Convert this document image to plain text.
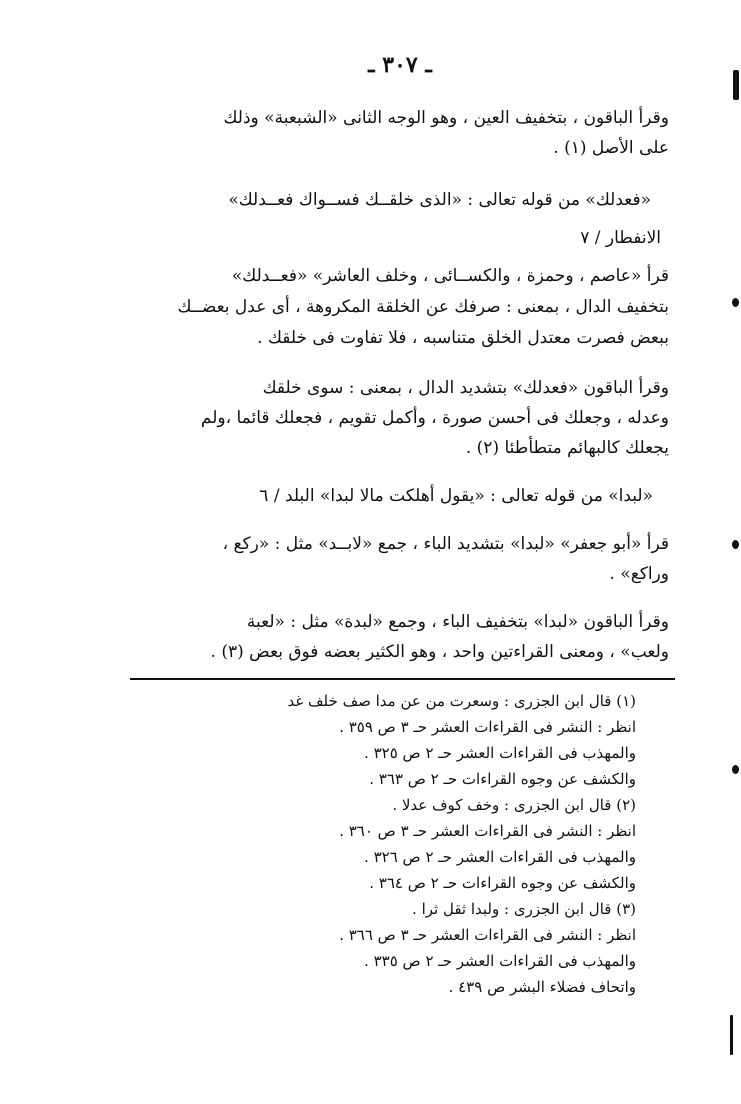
ـ ٣٠٧ ـ
وقرأ الباقون ، بتخفيف العين ، وهو الوجه الثانى «الشبعبة» وذلك
على الأصل (١) .
«فعدلك» من قوله تعالى : «الذى خلقــك فســواك فعــدلك»
الانفطار / ٧
قرأ «عاصم ، وحمزة ، والكســائى ، وخلف العاشر» «فعــدلك»
بتخفيف الدال ، بمعنى : صرفك عن الخلقة المكروهة ، أى عدل بعضــك
ببعض فصرت معتدل الخلق متناسبه ، فلا تفاوت فى خلقك .
وقرأ الباقون «فعدلك» بتشديد الدال ، بمعنى : سوى خلقك
وعدله ، وجعلك فى أحسن صورة ، وأكمل تقويم ، فجعلك قائما ،ولم
يجعلك كالبهائم متطأطئا (٢) .
«لبدا» من قوله تعالى : «يقول أهلكت مالا لبدا» البلد / ٦
قرأ «أبو جعفر» «لبدا» بتشديد الباء ، جمع «لابــد» مثل : «ركع ،
وراكع» .
وقرأ الباقون «لبدا» بتخفيف الباء ، وجمع «لبدة» مثل : «لعبة
ولعب» ، ومعنى القراءتين واحد ، وهو الكثير بعضه فوق بعض (٣) .
(١) قال ابن الجزرى : وسعرت من عن مدا صف خلف غد
انظر : النشر فى القراءات العشر حـ ٣ ص ٣٥٩ .
والمهذب فى القراءات العشر حـ ٢ ص ٣٢٥ .
والكشف عن وجوه القراءات حـ ٢ ص ٣٦٣ .
(٢) قال ابن الجزرى : وخف كوف عدلا .
انظر : النشر فى القراءات العشر حـ ٣ ص ٣٦٠ .
والمهذب فى القراءات العشر حـ ٢ ص ٣٢٦ .
والكشف عن وجوه القراءات حـ ٢ ص ٣٦٤ .
(٣) قال ابن الجزرى : ولبدا ثقل ثرا .
انظر : النشر فى القراءات العشر حـ ٣ ص ٣٦٦ .
والمهذب فى القراءات العشر حـ ٢ ص ٣٣٥ .
واتحاف فضلاء البشر ص ٤٣٩ .
